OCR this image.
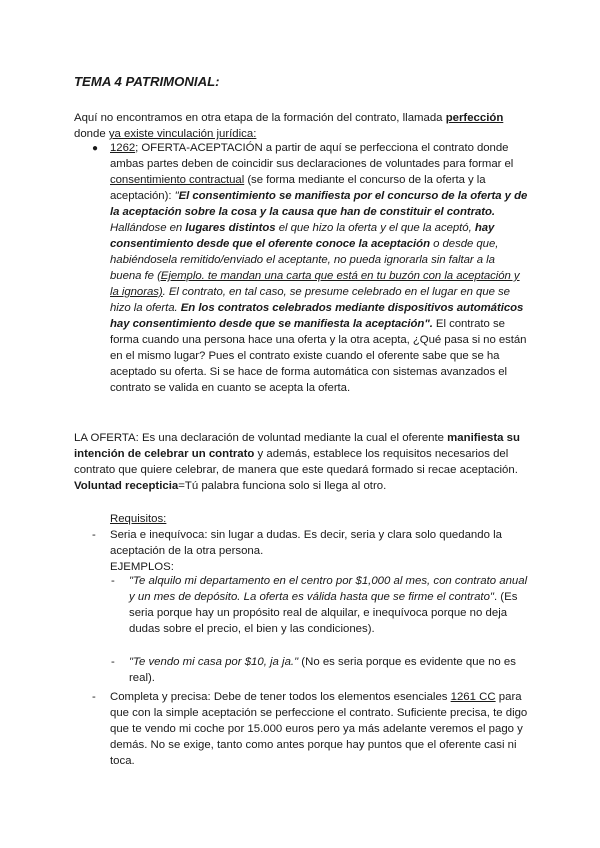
TEMA 4 PATRIMONIAL:

Aquí no encontramos en otra etapa de la formación del contrato, llamada perfección donde ya existe vinculación jurídica:

● 1262; OFERTA-ACEPTACIÓN a partir de aquí se perfecciona el contrato donde ambas partes deben de coincidir sus declaraciones de voluntades para formar el consentimiento contractual (se forma mediante el concurso de la oferta y la aceptación): "El consentimiento se manifiesta por el concurso de la oferta y de la aceptación sobre la cosa y la causa que han de constituir el contrato. Hallándose en lugares distintos el que hizo la oferta y el que la aceptó, hay consentimiento desde que el oferente conoce la aceptación o desde que, habiéndosela remitido/enviado el aceptante, no pueda ignorarla sin faltar a la buena fe (Ejemplo. te mandan una carta que está en tu buzón con la aceptación y la ignoras). El contrato, en tal caso, se presume celebrado en el lugar en que se hizo la oferta. En los contratos celebrados mediante dispositivos automáticos hay consentimiento desde que se manifiesta la aceptación". El contrato se forma cuando una persona hace una oferta y la otra acepta, ¿Qué pasa si no están en el mismo lugar? Pues el contrato existe cuando el oferente sabe que se ha aceptado su oferta. Si se hace de forma automática con sistemas avanzados el contrato se valida en cuanto se acepta la oferta.

LA OFERTA: Es una declaración de voluntad mediante la cual el oferente manifiesta su intención de celebrar un contrato y además, establece los requisitos necesarios del contrato que quiere celebrar, de manera que este quedará formado si recae aceptación. Voluntad recepticia=Tú palabra funciona solo si llega al otro.

Requisitos:
- Seria e inequívoca: sin lugar a dudas. Es decir, seria y clara solo quedando la aceptación de la otra persona.
EJEMPLOS:
- "Te alquilo mi departamento en el centro por $1,000 al mes, con contrato anual y un mes de depósito. La oferta es válida hasta que se firme el contrato". (Es seria porque hay un propósito real de alquilar, e inequívoca porque no deja dudas sobre el precio, el bien y las condiciones).
- "Te vendo mi casa por $10, ja ja." (No es seria porque es evidente que no es real).
- Completa y precisa: Debe de tener todos los elementos esenciales 1261 CC para que con la simple aceptación se perfeccione el contrato. Suficiente precisa, te digo que te vendo mi coche por 15.000 euros pero ya más adelante veremos el pago y demás. No se exige, tanto como antes porque hay puntos que el oferente casi ni toca.
